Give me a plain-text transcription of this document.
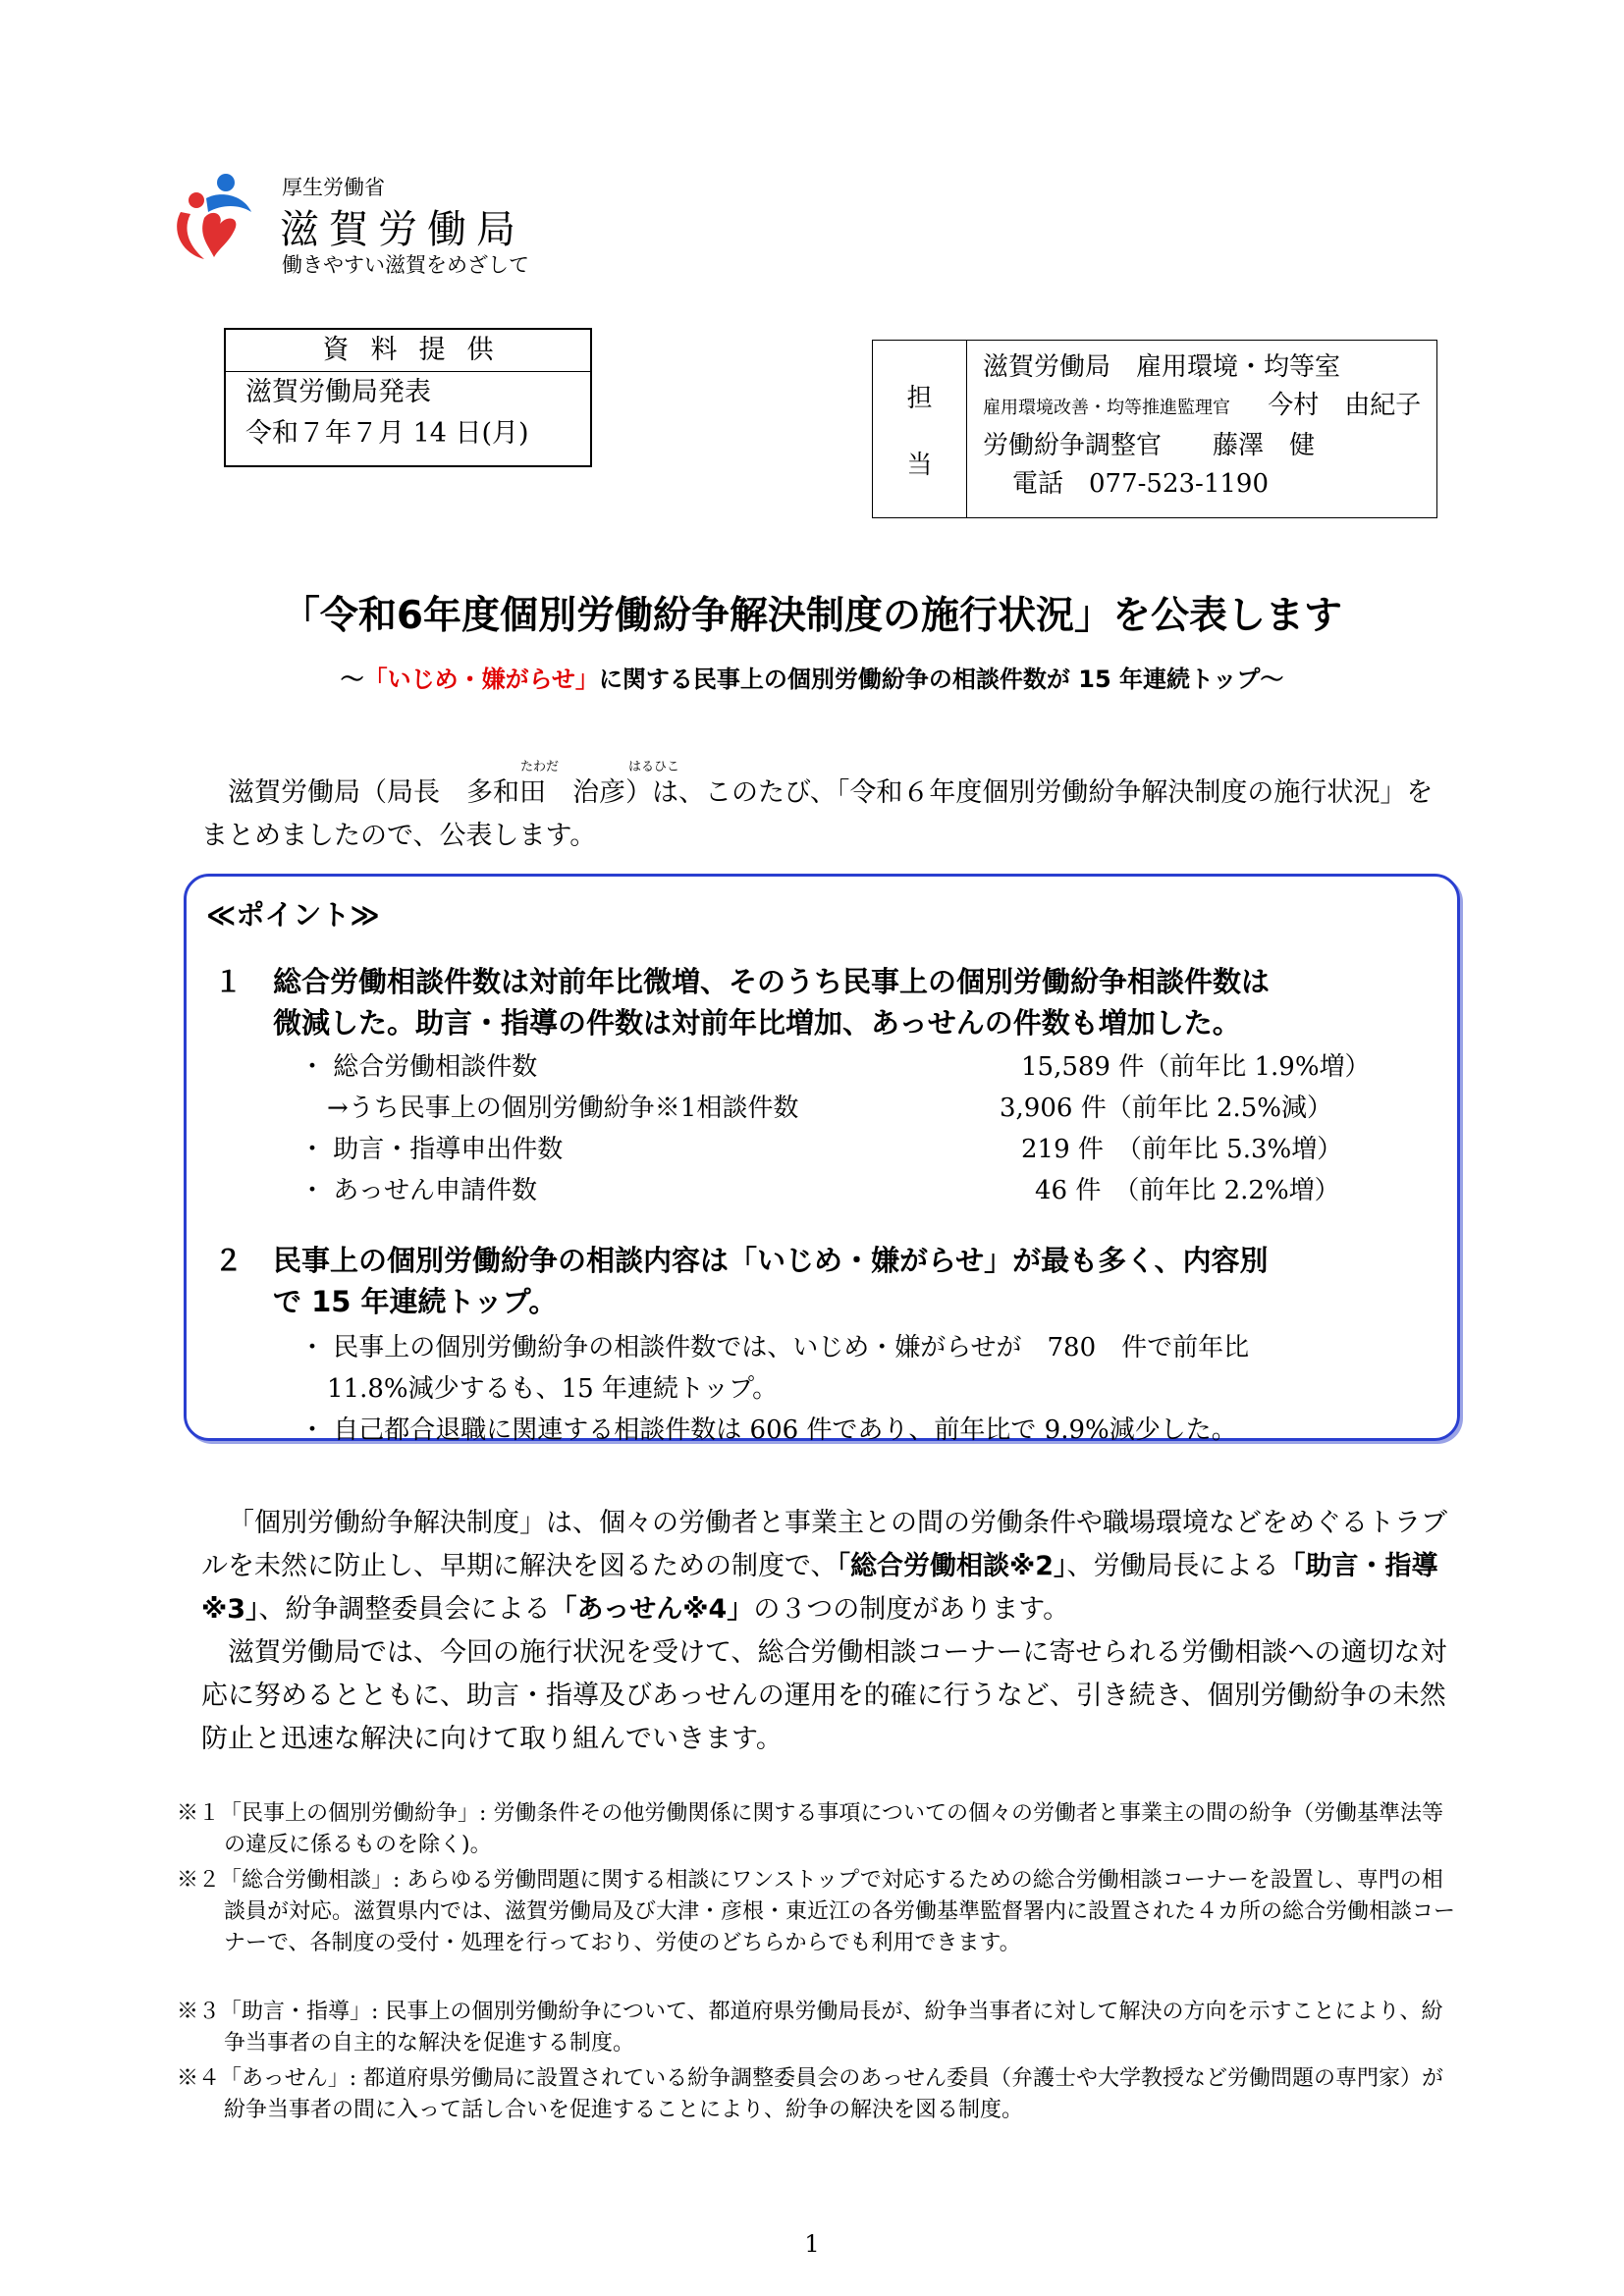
厚生労働省
滋賀労働局
働きやすい滋賀をめざして
資料提供
滋賀労働局発表
令和７年７月 14 日(月)
担
当
滋賀労働局　雇用環境・均等室
雇用環境改善・均等推進監理官 今村　由紀子
労働紛争調整官　　藤澤　健
電話　077-523-1190
「令和6年度個別労働紛争解決制度の施行状況」を公表します
～「いじめ・嫌がらせ」に関する民事上の個別労働紛争の相談件数が 15 年連続トップ～
たわだ	はるひこ

滋賀労働局（局長　多和田　治彦）は、このたび、「令和６年度個別労働紛争解決制度の施行状況」をまとめましたので、公表します。

≪ポイント≫
１ 総合労働相談件数は対前年比微増、そのうち民事上の個別労働紛争相談件数は
微減した。助言・指導の件数は対前年比増加、あっせんの件数も増加した。
・ 総合労働相談件数	15,589 件（前年比 1.9%増）
→うち民事上の個別労働紛争※1相談件数	3,906 件（前年比 2.5%減）
・ 助言・指導申出件数	219 件　（前年比 5.3%増）
・ あっせん申請件数	46 件　（前年比 2.2%増）
２ 民事上の個別労働紛争の相談内容は「いじめ・嫌がらせ」が最も多く、内容別
で 15 年連続トップ。
・ 民事上の個別労働紛争の相談件数では、いじめ・嫌がらせが　780　件で前年比
11.8%減少するも、15 年連続トップ。
・ 自己都合退職に関連する相談件数は 606 件であり、前年比で 9.9%減少した。

「個別労働紛争解決制度」は、個々の労働者と事業主との間の労働条件や職場環境などをめぐるトラブルを未然に防止し、早期に解決を図るための制度で、「総合労働相談※2」、労働局長による「助言・指導※3」、紛争調整委員会による「あっせん※4」の３つの制度があります。

滋賀労働局では、今回の施行状況を受けて、総合労働相談コーナーに寄せられる労働相談への適切な対応に努めるとともに、助言・指導及びあっせんの運用を的確に行うなど、引き続き、個別労働紛争の未然防止と迅速な解決に向けて取り組んでいきます。

※１「民事上の個別労働紛争」: 労働条件その他労働関係に関する事項についての個々の労働者と事業主の間の紛争（労働基準法等の違反に係るものを除く)。

※２「総合労働相談」: あらゆる労働問題に関する相談にワンストップで対応するための総合労働相談コーナーを設置し、専門の相談員が対応。滋賀県内では、滋賀労働局及び大津・彦根・東近江の各労働基準監督署内に設置された４カ所の総合労働相談コーナーで、各制度の受付・処理を行っており、労使のどちらからでも利用できます。

※３「助言・指導」: 民事上の個別労働紛争について、都道府県労働局長が、紛争当事者に対して解決の方向を示すことにより、紛争当事者の自主的な解決を促進する制度。

※４「あっせん」: 都道府県労働局に設置されている紛争調整委員会のあっせん委員（弁護士や大学教授など労働問題の専門家）が紛争当事者の間に入って話し合いを促進することにより、紛争の解決を図る制度。

1
